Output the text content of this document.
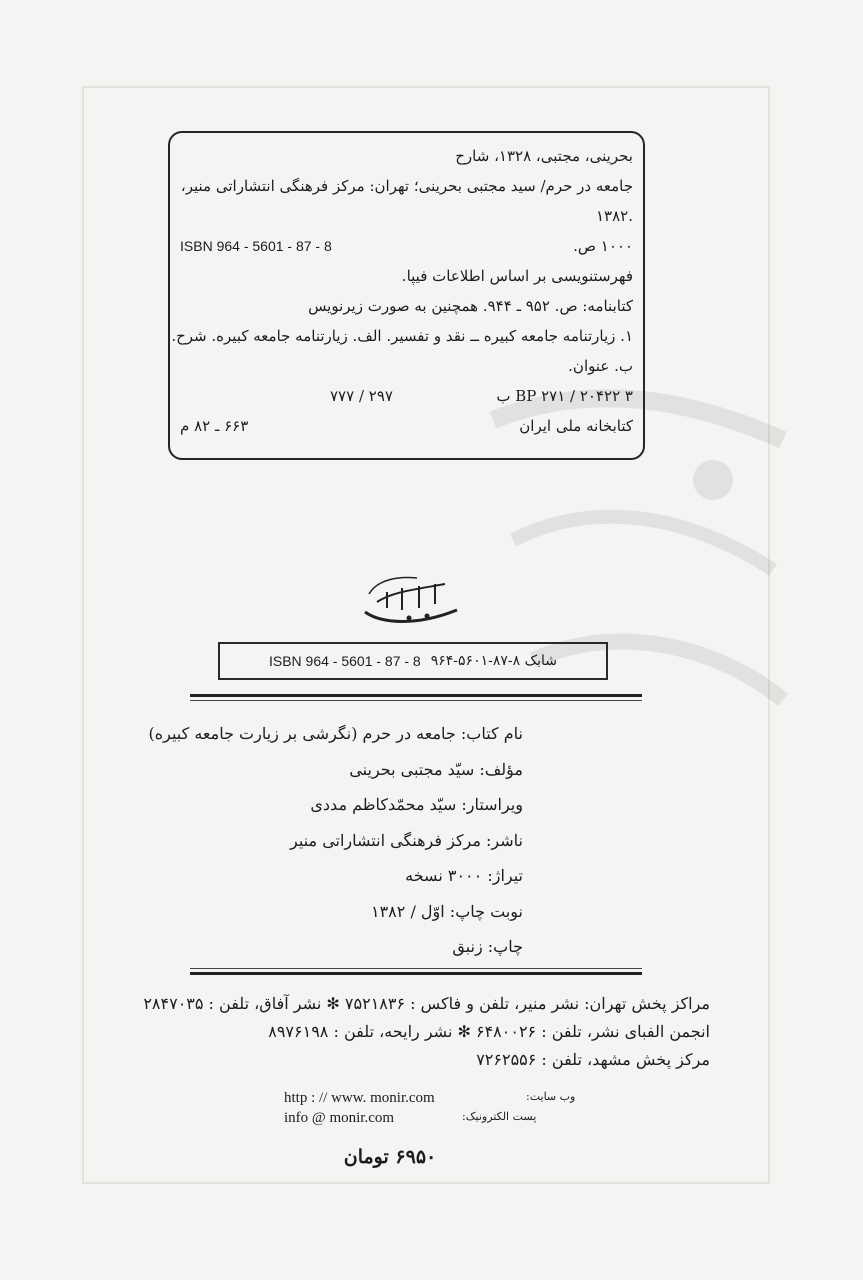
بحرینی، مجتبی، ۱۳۲۸، شارح
جامعه در حرم/ سید مجتبی بحرینی؛ تهران: مرکز فرهنگی انتشاراتی منیر،
.۱۳۸۲
۱۰۰۰ ص.
ISBN 964 - 5601 - 87 - 8
فهرستنویسی بر اساس اطلاعات فیپا.
کتابنامه: ص. ۹۵۲ ـ ۹۴۴. همچنین به صورت زیرنویس
۱. زیارتنامه جامعه کبیره ــ نقد و تفسیر. الف. زیارتنامه جامعه کبیره. شرح.
ب. عنوان.
BP ۲۷۱ / ۲۰۴۲۲ ۳ ب
۲۹۷ / ۷۷۷
کتابخانه ملی ایران
۶۶۳ ـ ۸۲ م
ISBN 964 - 5601 - 87 - 8 شابک ۸-۸۷-۵۶۰۱-۹۶۴
نام کتاب: جامعه در حرم (نگرشی بر زیارت جامعه کبیره)
مؤلف: سیّد مجتبی بحرینی
ویراستار: سیّد محمّدکاظم مددی
ناشر: مرکز فرهنگی انتشاراتی منیر
تیراژ: ۳۰۰۰ نسخه
نوبت چاپ: اوّل / ۱۳۸۲
چاپ: زنبق
مراکز پخش تهران: نشر منیر، تلفن و فاکس : ۷۵۲۱۸۳۶ ✻ نشر آفاق، تلفن : ۲۸۴۷۰۳۵
انجمن الفبای نشر، تلفن : ۶۴۸۰۰۲۶ ✻ نشر رایحه، تلفن : ۸۹۷۶۱۹۸
مرکز پخش مشهد، تلفن : ۷۲۶۲۵۵۶
http : // www. monir.com	وب سایت:
info @ monir.com	پست الکترونیک:
۶۹۵۰ تومان
